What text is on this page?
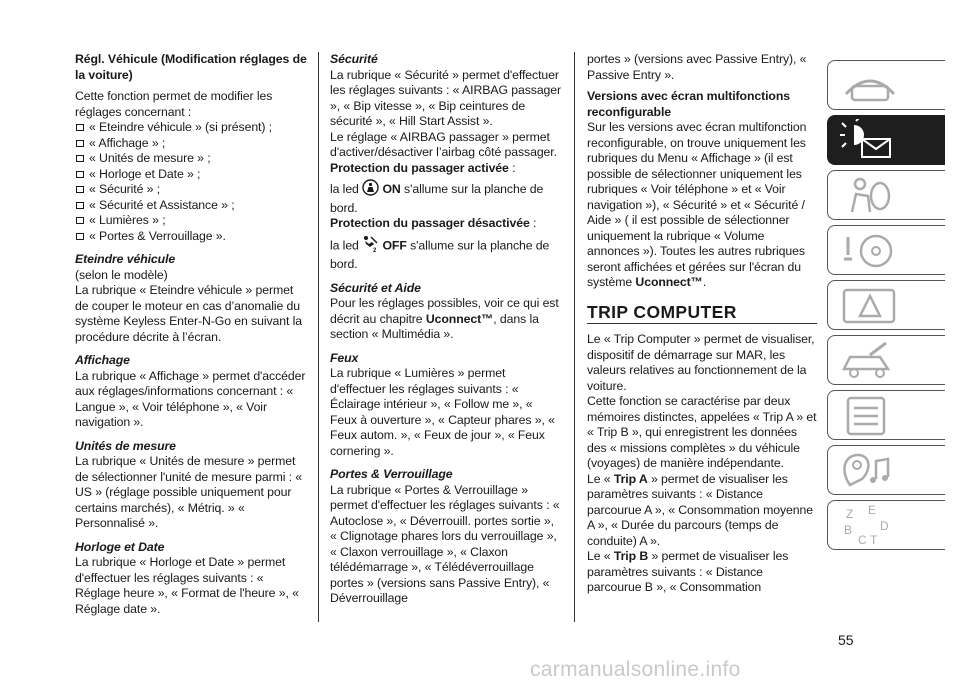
Régl. Véhicule (Modification réglages de la voiture)

Cette fonction permet de modifier les réglages concernant :

« Eteindre véhicule » (si présent) ;
« Affichage » ;
« Unités de mesure » ;
« Horloge et Date » ;
« Sécurité » ;
« Sécurité et Assistance » ;
« Lumières » ;
« Portes & Verrouillage ».

Eteindre véhicule

(selon le modèle)

La rubrique « Eteindre véhicule » permet de couper le moteur en cas d’anomalie du système Keyless Enter-N-Go en suivant la procédure décrite à l’écran.

Affichage

La rubrique « Affichage » permet d'accéder aux réglages/informations concernant : « Langue », « Voir téléphone », « Voir navigation ».

Unités de mesure

La rubrique « Unités de mesure » permet de sélectionner l'unité de mesure parmi : « US » (réglage possible uniquement pour certains marchés), « Métriq. » « Personnalisé ».

Horloge et Date

La rubrique « Horloge et Date » permet d'effectuer les réglages suivants : « Réglage heure », « Format de l'heure », « Réglage date ».

Sécurité

La rubrique « Sécurité » permet d'effectuer les réglages suivants : « AIRBAG passager », « Bip vitesse », « Bip ceintures de sécurité », « Hill Start Assist ».

Le réglage « AIRBAG passager » permet d'activer/désactiver l’airbag côté passager. Protection du passager activée :

la led ON s'allume sur la planche de bord.

Protection du passager désactivée :

la led 2 OFF s'allume sur la planche de bord.

Sécurité et Aide

Pour les réglages possibles, voir ce qui est décrit au chapitre Uconnect™, dans la section « Multimédia ».

Feux

La rubrique « Lumières » permet d'effectuer les réglages suivants : « Éclairage intérieur », « Follow me », « Feux à ouverture », « Capteur phares », « Feux autom. », « Feux de jour », « Feux cornering ».

Portes & Verrouillage

La rubrique « Portes & Verrouillage » permet d'effectuer les réglages suivants : « Autoclose », « Déverrouill. portes sortie », « Clignotage phares lors du verrouillage », « Claxon verrouillage », « Claxon télédémarrage », « Télédéverrouillage portes » (versions sans Passive Entry), « Déverrouillage

portes » (versions avec Passive Entry), « Passive Entry ».

Versions avec écran multifonctions reconfigurable

Sur les versions avec écran multifonction reconfigurable, on trouve uniquement les rubriques du Menu « Affichage » (il est possible de sélectionner uniquement les rubriques « Voir téléphone » et « Voir navigation »), « Sécurité » et « Sécurité / Aide » ( il est possible de sélectionner uniquement la rubrique « Volume annonces »). Toutes les autres rubriques seront affichées et gérées sur l'écran du système Uconnect™.

TRIP COMPUTER

Le « Trip Computer » permet de visualiser, dispositif de démarrage sur MAR, les valeurs relatives au fonctionnement de la voiture.

Cette fonction se caractérise par deux mémoires distinctes, appelées « Trip A » et « Trip B », qui enregistrent les données des « missions complètes » du véhicule (voyages) de manière indépendante.

Le « Trip A » permet de visualiser les paramètres suivants : « Distance parcourue A », « Consommation moyenne A », « Durée du parcours (temps de conduite) A ».

Le « Trip B » permet de visualiser les paramètres suivants : « Distance parcourue B », « Consommation

Z E
B D
C T
55
carmanualsonline.info
